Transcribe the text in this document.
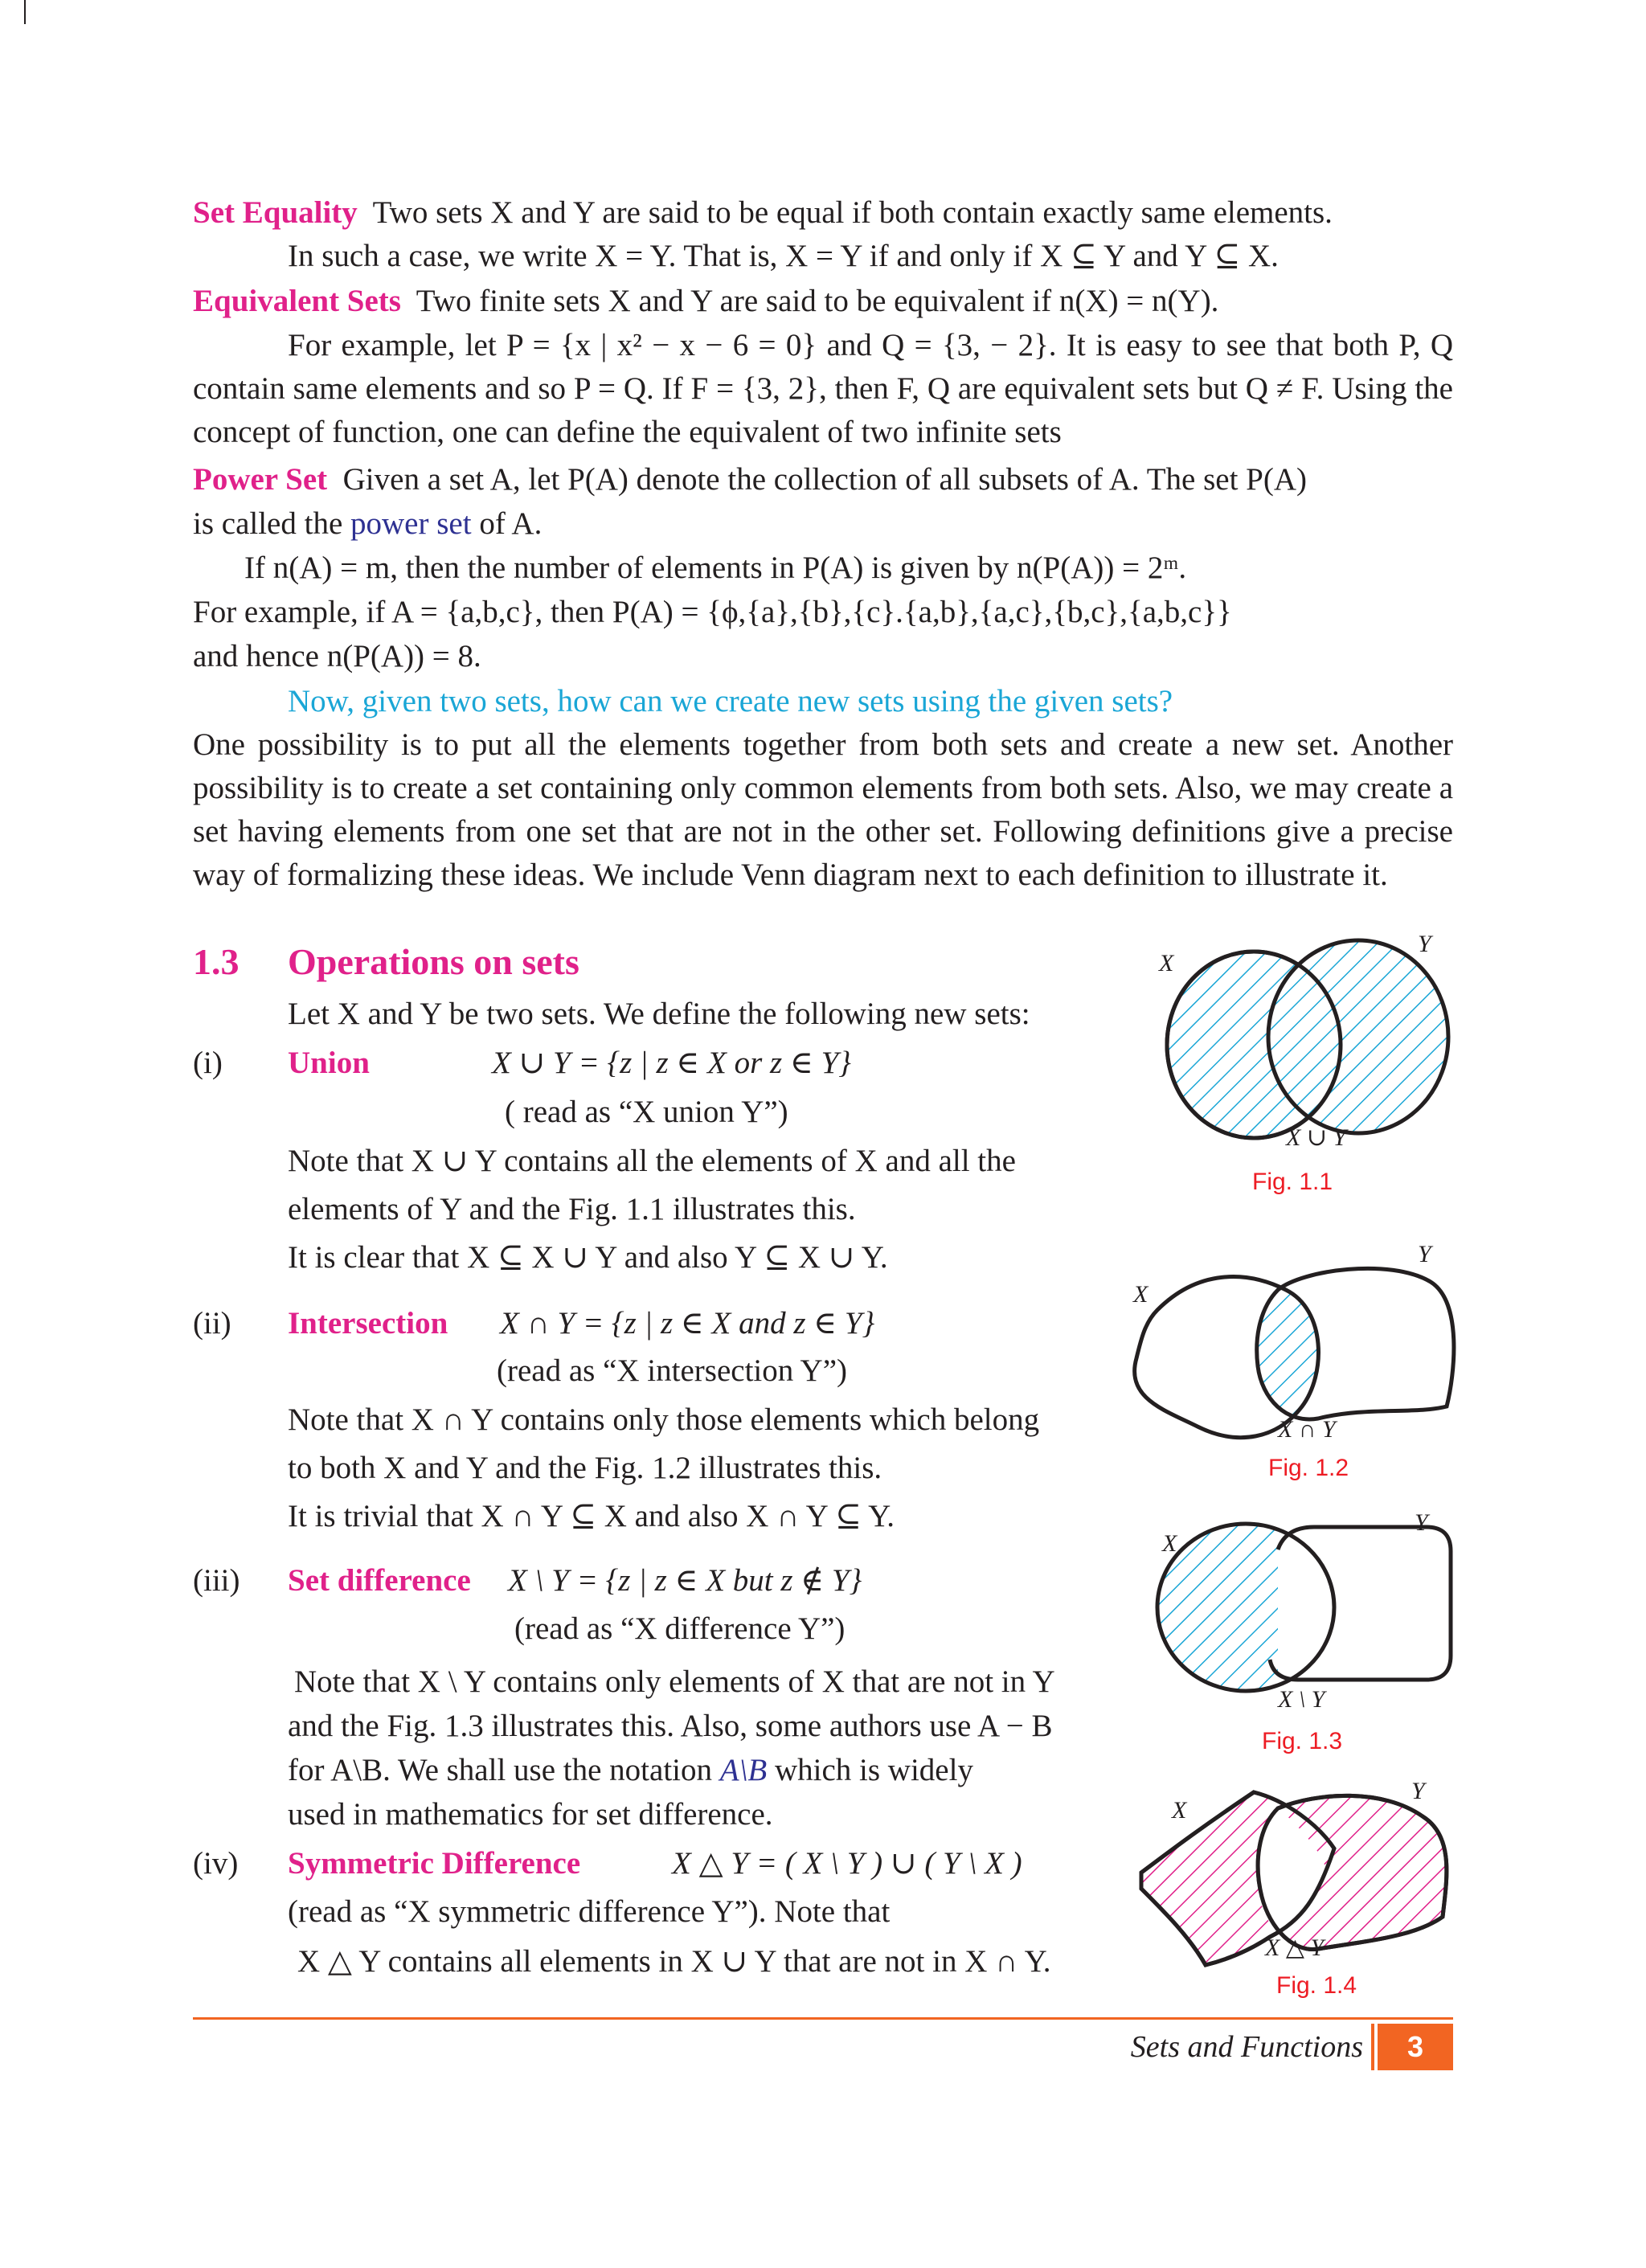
Set Equality Two sets X and Y are said to be equal if both contain exactly same elements.
In such a case, we write X = Y. That is, X = Y if and only if X ⊆ Y and Y ⊆ X.
Equivalent Sets Two finite sets X and Y are said to be equivalent if n(X) = n(Y).
For example, let P = {x | x² − x − 6 = 0} and Q = {3, − 2}. It is easy to see that both P, Q contain same elements and so P = Q. If F = {3, 2}, then F, Q are equivalent sets but Q ≠ F. Using the concept of function, one can define the equivalent of two infinite sets
Power Set Given a set A, let P(A) denote the collection of all subsets of A. The set P(A)
is called the power set of A.
If n(A) = m, then the number of elements in P(A) is given by n(P(A)) = 2ᵐ.
For example, if A = {a,b,c}, then P(A) = {ϕ,{a},{b},{c}.{a,b},{a,c},{b,c},{a,b,c}}
and hence n(P(A)) = 8.
Now, given two sets, how can we create new sets using the given sets?
One possibility is to put all the elements together from both sets and create a new set. Another possibility is to create a set containing only common elements from both sets. Also, we may create a set having elements from one set that are not in the other set. Following definitions give a precise way of formalizing these ideas. We include Venn diagram next to each definition to illustrate it.
1.3 Operations on sets
Let X and Y be two sets. We define the following new sets:
(i) Union	X ∪ Y = {z | z ∈ X or z ∈ Y}
( read as “X union Y”)
Note that X ∪ Y contains all the elements of X and all the
elements of Y and the Fig. 1.1 illustrates this.
It is clear that X ⊆ X ∪ Y and also Y ⊆ X ∪ Y.
(ii) Intersection X ∩ Y = {z | z ∈ X and z ∈ Y}
(read as “X intersection Y”)
Note that X ∩ Y contains only those elements which belong
to both X and Y and the Fig. 1.2 illustrates this.
It is trivial that X ∩ Y ⊆ X and also X ∩ Y ⊆ Y.
(iii) Set difference X \ Y = {z | z ∈ X but z ∉ Y}
(read as “X difference Y”)
Note that X \ Y contains only elements of X that are not in Y
and the Fig. 1.3 illustrates this. Also, some authors use A − B
for A\B. We shall use the notation A\B which is widely
used in mathematics for set difference.
(iv) Symmetric Difference	X △ Y = ( X \ Y ) ∪ ( Y \ X )
(read as “X symmetric difference Y”). Note that
X △ Y contains all elements in X ∪ Y that are not in X ∩ Y.
X
Y
X ∪ Y
Fig. 1.1
X
Y
X ∩ Y
Fig. 1.2
X
Y
X \ Y
Fig. 1.3
X
Y
X △ Y
Fig. 1.4
Sets and Functions	3
